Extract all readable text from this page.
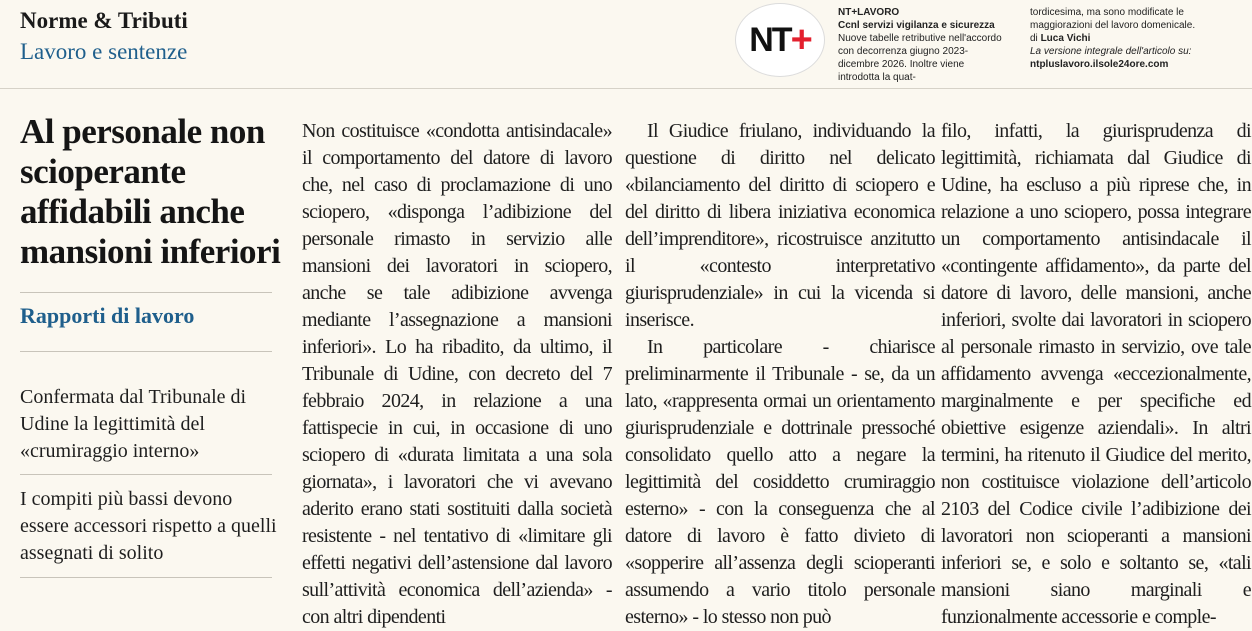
Norme & Tributi
Lavoro e sentenze	NT +
NT+LAVORO
Ccnl servizi vigilanza e sicurezza
Nuove tabelle retributive nell'accordo con decorrenza giugno 2023-dicembre 2026. Inoltre viene introdotta la quat-
tordicesima, ma sono modificate le maggiorazioni del lavoro domenicale.
di Luca Vichi
La versione integrale dell'articolo su:
ntpluslavoro.ilsole24ore.com
Al personale non scioperante affidabili anche mansioni inferiori
Rapporti di lavoro
Confermata dal Tribunale di Udine la legittimità del «crumiraggio interno»
I compiti più bassi devono essere accessori rispetto a quelli assegnati di solito

Non costituisce «condotta antisindacale» il comportamento del datore di lavoro che, nel caso di proclamazione di uno sciopero, «disponga l’adibizione del personale rimasto in servizio alle mansioni dei lavoratori in sciopero, anche se tale adibizione avvenga mediante l’assegnazione a mansioni inferiori». Lo ha ribadito, da ultimo, il Tribunale di Udine, con decreto del 7 febbraio 2024, in relazione a una fattispecie in cui, in occasione di uno sciopero di «durata limitata a una sola giornata», i lavoratori che vi avevano aderito erano stati sostituiti dalla società resistente - nel tentativo di «limitare gli effetti negativi dell’astensione dal lavoro sull’attività economica dell’azienda» - con altri dipendenti

Il Giudice friulano, individuando la questione di diritto nel delicato «bilanciamento del diritto di sciopero e del diritto di libera iniziativa economica dell’imprenditore», ricostruisce anzitutto il «contesto interpretativo giurisprudenziale» in cui la vicenda si inserisce.

In particolare - chiarisce preliminarmente il Tribunale - se, da un lato, «rappresenta ormai un orientamento giurisprudenziale e dottrinale pressoché consolidato quello atto a negare la legittimità del cosiddetto crumiraggio esterno» - con la conseguenza che al datore di lavoro è fatto divieto di «sopperire all’assenza degli scioperanti assumendo a vario titolo personale esterno» - lo stesso non può

filo, infatti, la giurisprudenza di legittimità, richiamata dal Giudice di Udine, ha escluso a più riprese che, in relazione a uno sciopero, possa integrare un comportamento antisindacale il «contingente affidamento», da parte del datore di lavoro, delle mansioni, anche inferiori, svolte dai lavoratori in sciopero al personale rimasto in servizio, ove tale affidamento avvenga «eccezionalmente, marginalmente e per specifiche ed obiettive esigenze aziendali». In altri termini, ha ritenuto il Giudice del merito, non costituisce violazione dell’articolo 2103 del Codice civile l’adibizione dei lavoratori non scioperanti a mansioni inferiori se, e solo e soltanto se, «tali mansioni siano marginali e funzionalmente accessorie e comple-
